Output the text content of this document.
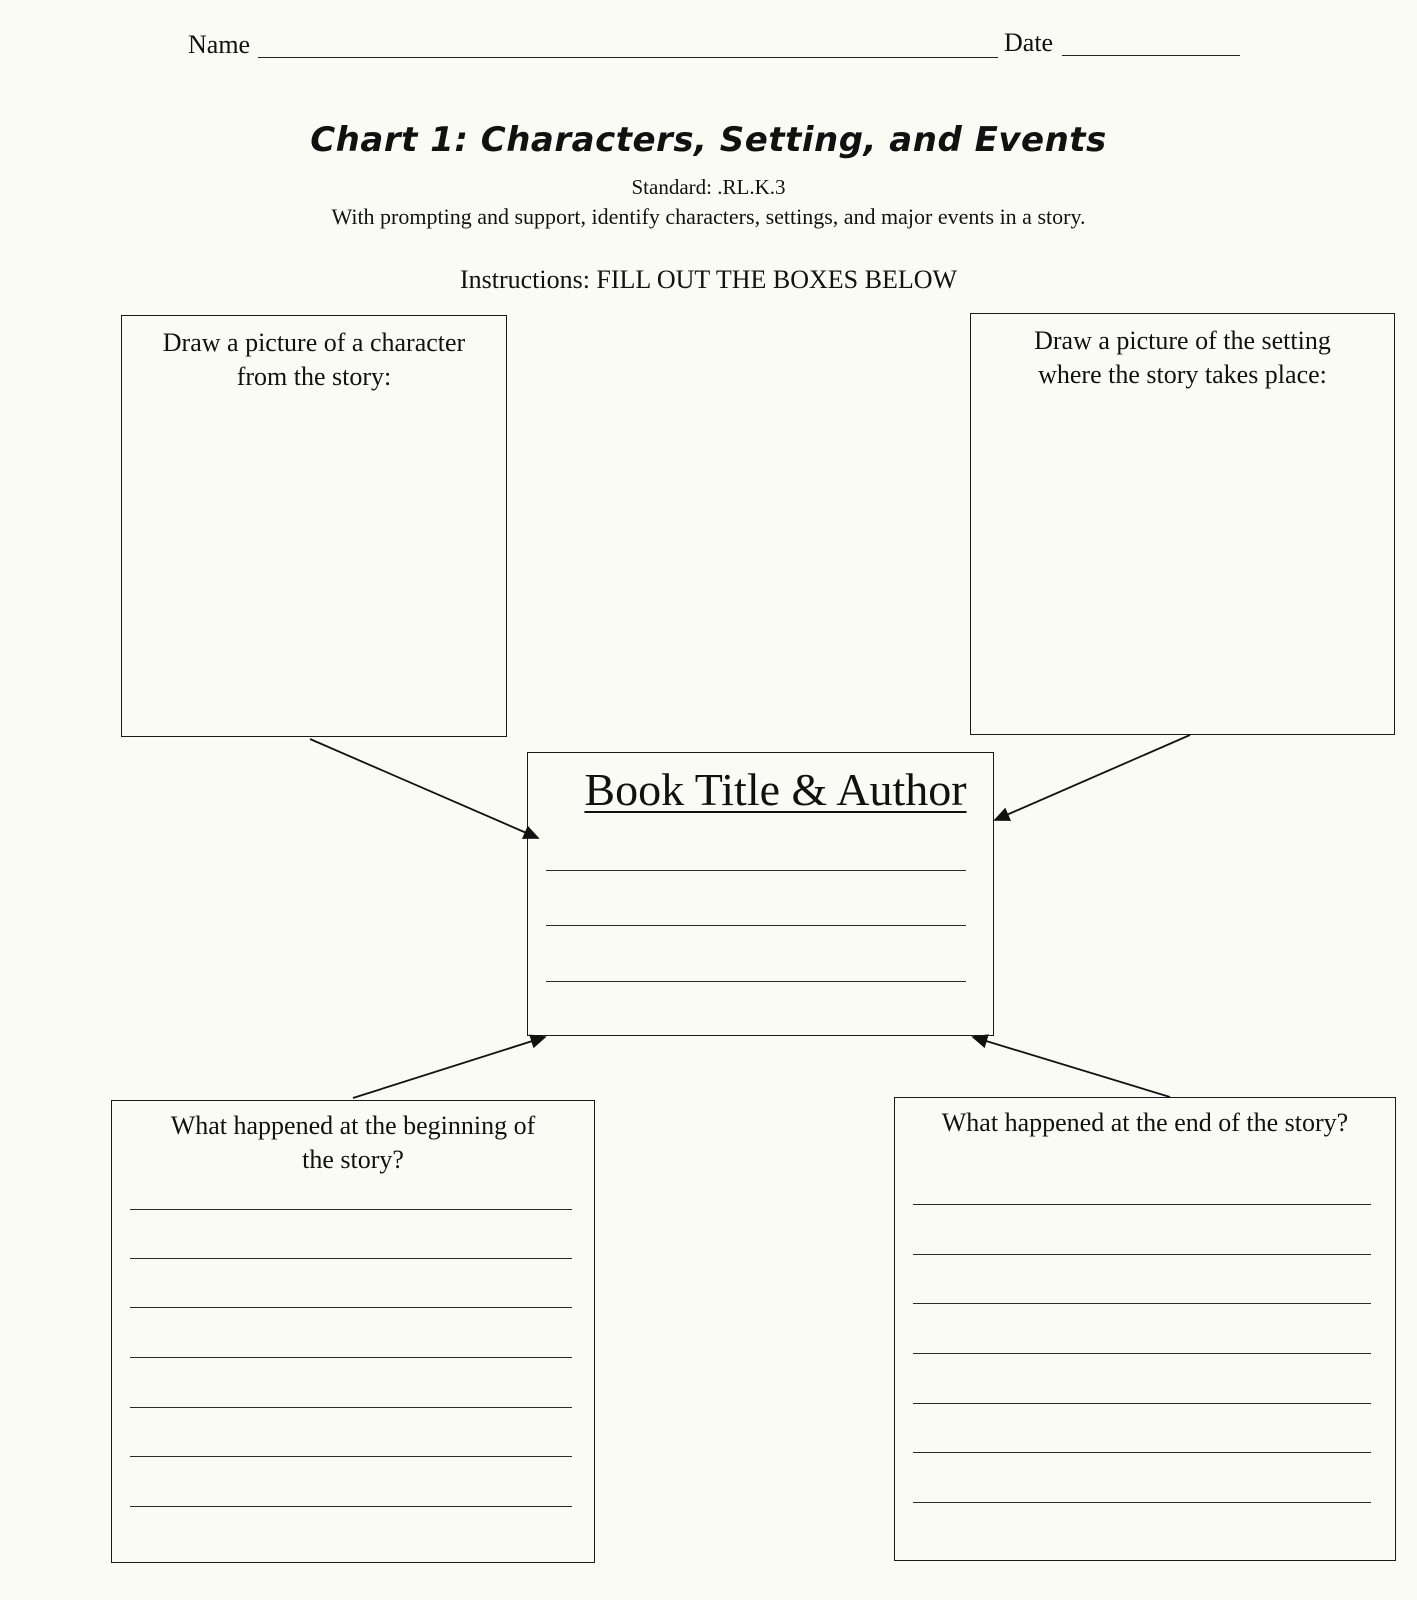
Name	Date
Chart 1: Characters, Setting, and Events
Standard: .RL.K.3
With prompting and support, identify characters, settings, and major events in a story.
Instructions: FILL OUT THE BOXES BELOW
Draw a picture of a character
from the story:
Draw a picture of the setting
where the story takes place:
Book Title & Author
What happened at the beginning of
the story?
What happened at the end of the story?
